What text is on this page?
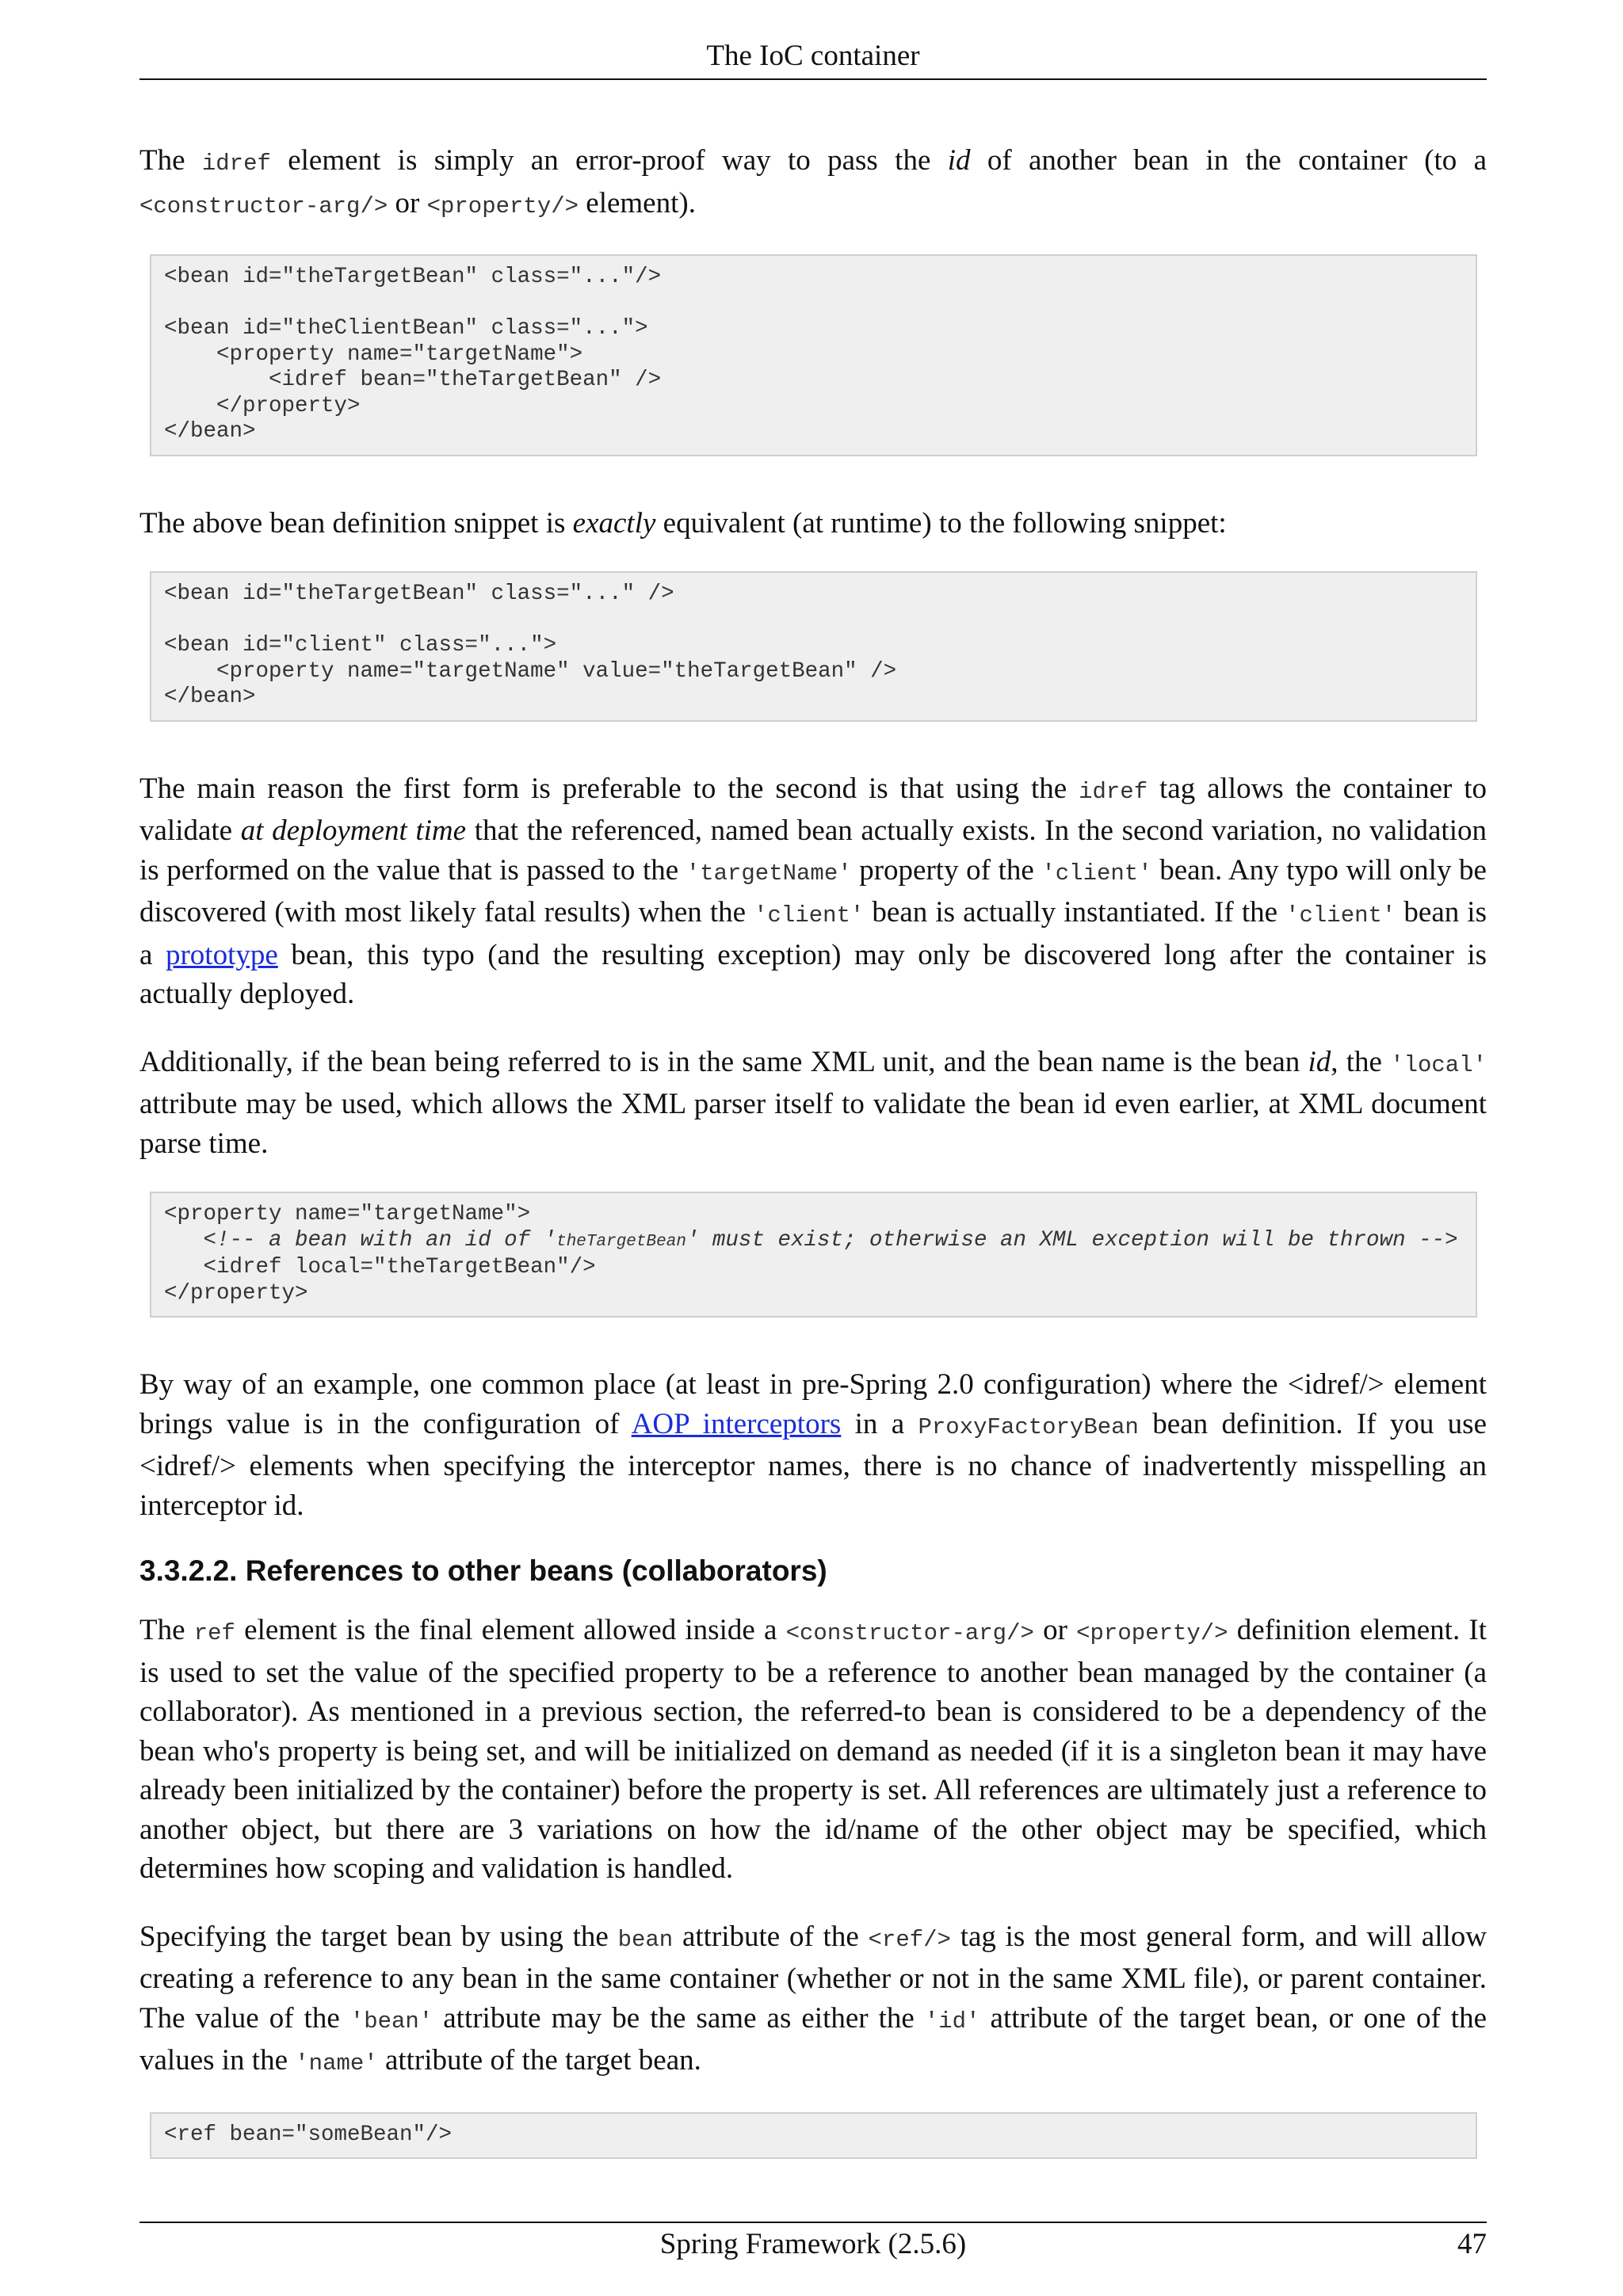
The IoC container

The idref element is simply an error-proof way to pass the id of another bean in the container (to a <constructor-arg/> or <property/> element).

<bean id="theTargetBean" class="..."/>

<bean id="theClientBean" class="...">
<property name="targetName">
<idref bean="theTargetBean" />
</property>
</bean>

The above bean definition snippet is exactly equivalent (at runtime) to the following snippet:

<bean id="theTargetBean" class="..." />

<bean id="client" class="...">
<property name="targetName" value="theTargetBean" />
</bean>

The main reason the first form is preferable to the second is that using the idref tag allows the container to validate at deployment time that the referenced, named bean actually exists. In the second variation, no validation is performed on the value that is passed to the 'targetName' property of the 'client' bean. Any typo will only be discovered (with most likely fatal results) when the 'client' bean is actually instantiated. If the 'client' bean is a prototype bean, this typo (and the resulting exception) may only be discovered long after the container is actually deployed.

Additionally, if the bean being referred to is in the same XML unit, and the bean name is the bean id, the 'local' attribute may be used, which allows the XML parser itself to validate the bean id even earlier, at XML document parse time.

<property name="targetName">
<!-- a bean with an id of 'theTargetBean' must exist; otherwise an XML exception will be thrown -->
<idref local="theTargetBean"/>
</property>

By way of an example, one common place (at least in pre-Spring 2.0 configuration) where the <idref/> element brings value is in the configuration of AOP interceptors in a ProxyFactoryBean bean definition. If you use <idref/> elements when specifying the interceptor names, there is no chance of inadvertently misspelling an interceptor id.

3.3.2.2. References to other beans (collaborators)

The ref element is the final element allowed inside a <constructor-arg/> or <property/> definition element. It is used to set the value of the specified property to be a reference to another bean managed by the container (a collaborator). As mentioned in a previous section, the referred-to bean is considered to be a dependency of the bean who's property is being set, and will be initialized on demand as needed (if it is a singleton bean it may have already been initialized by the container) before the property is set. All references are ultimately just a reference to another object, but there are 3 variations on how the id/name of the other object may be specified, which determines how scoping and validation is handled.

Specifying the target bean by using the bean attribute of the <ref/> tag is the most general form, and will allow creating a reference to any bean in the same container (whether or not in the same XML file), or parent container. The value of the 'bean' attribute may be the same as either the 'id' attribute of the target bean, or one of the values in the 'name' attribute of the target bean.

<ref bean="someBean"/>
Spring Framework (2.5.6)	47
